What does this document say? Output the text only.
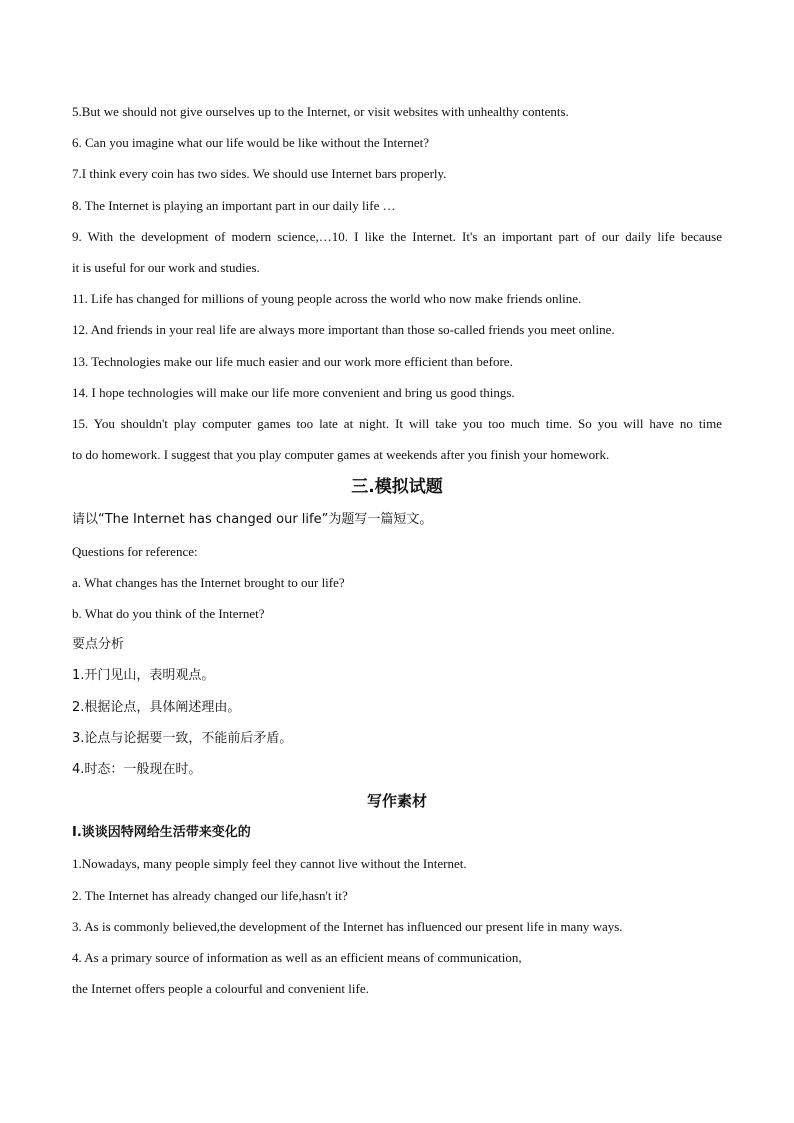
5.But we should not give ourselves up to the Internet, or visit websites with unhealthy contents.
6. Can you imagine what our life would be like without the Internet?
7.I think every coin has two sides. We should use Internet bars properly.
8. The Internet is playing an important part in our daily life …
9. With the development of modern science,…10. I like the Internet. It's an important part of our daily life because
it is useful for our work and studies.
11. Life has changed for millions of young people across the world who now make friends online.
12. And friends in your real life are always more important than those so-called friends you meet online.
13. Technologies make our life much easier and our work more efficient than before.
14. I hope technologies will make our life more convenient and bring us good things.
15. You shouldn't play computer games too late at night. It will take you too much time. So you will have no time
to do homework. I suggest that you play computer games at weekends after you finish your homework.
三.模拟试题
请以“The Internet has changed our life”为题写一篇短文。
Questions for reference:
a. What changes has the Internet brought to our life?
b. What do you think of the Internet?
要点分析
1.开门见山，表明观点。
2.根据论点，具体阐述理由。
3.论点与论据要一致，不能前后矛盾。
4.时态：一般现在时。
写作素材
I.谈谈因特网给生活带来变化的
1.Nowadays, many people simply feel they cannot live without the Internet.
2. The Internet has already changed our life,hasn't it?
3. As is commonly believed,the development of the Internet has influenced our present life in many ways.
4. As a primary source of information as well as an efficient means of communication,
the Internet offers people a colourful and convenient life.
